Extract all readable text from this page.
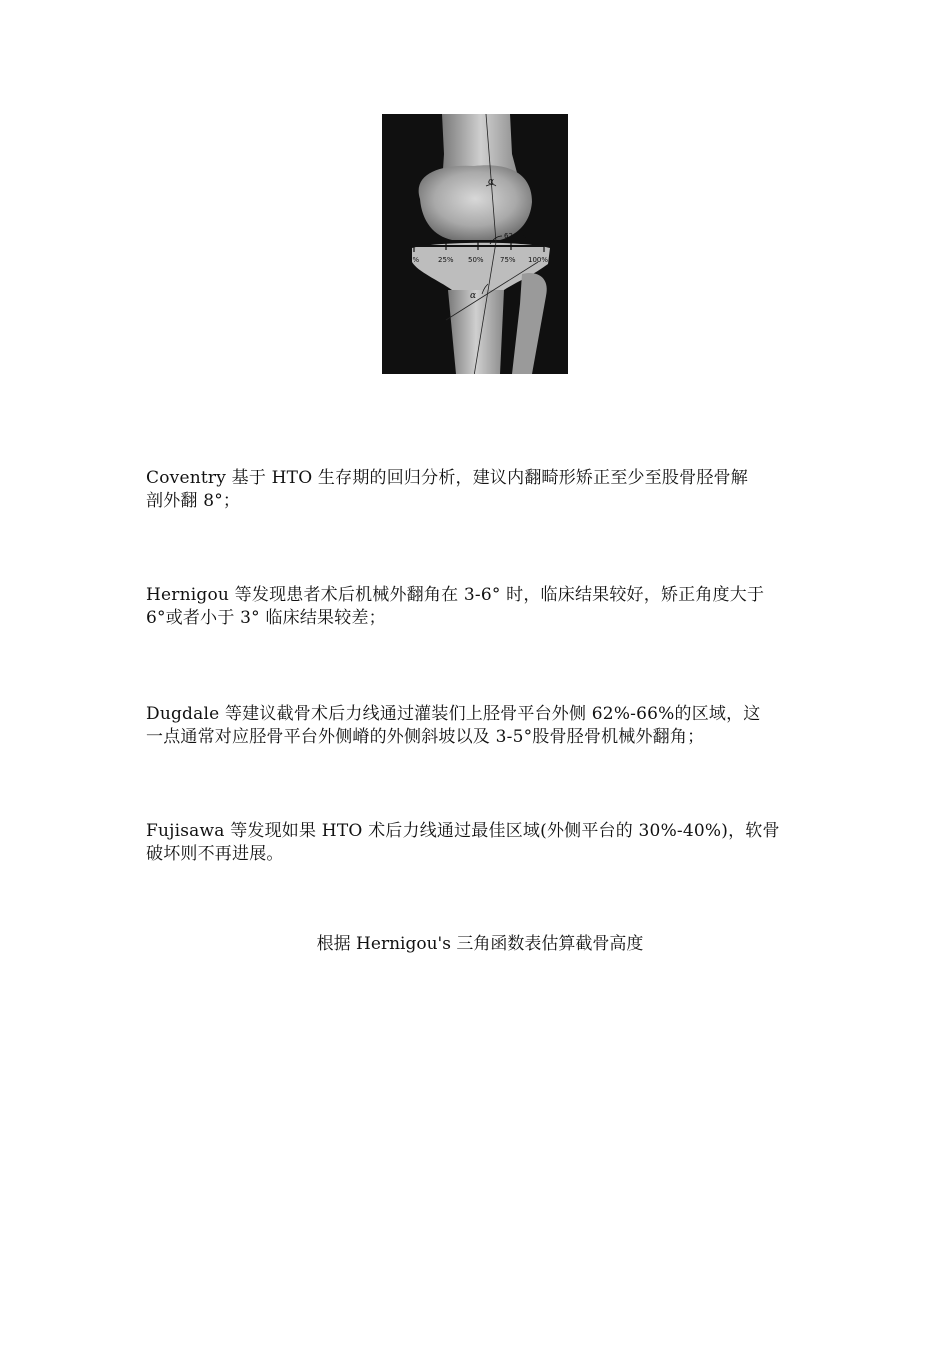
0%	25% 50% 75% 100%
62.5%
α
α

Coventry 基于 HTO 生存期的回归分析，建议内翻畸形矫正至少至股骨胫骨解
剖外翻 8°；

Hernigou 等发现患者术后机械外翻角在 3-6° 时，临床结果较好，矫正角度大于
6°或者小于 3° 临床结果较差；

Dugdale 等建议截骨术后力线通过灌装们上胫骨平台外侧 62%-66%的区域，这
一点通常对应胫骨平台外侧嵴的外侧斜坡以及 3-5°股骨胫骨机械外翻角；

Fujisawa 等发现如果 HTO 术后力线通过最佳区域(外侧平台的 30%-40%)，软骨
破坏则不再进展。

根据 Hernigou's 三角函数表估算截骨高度
